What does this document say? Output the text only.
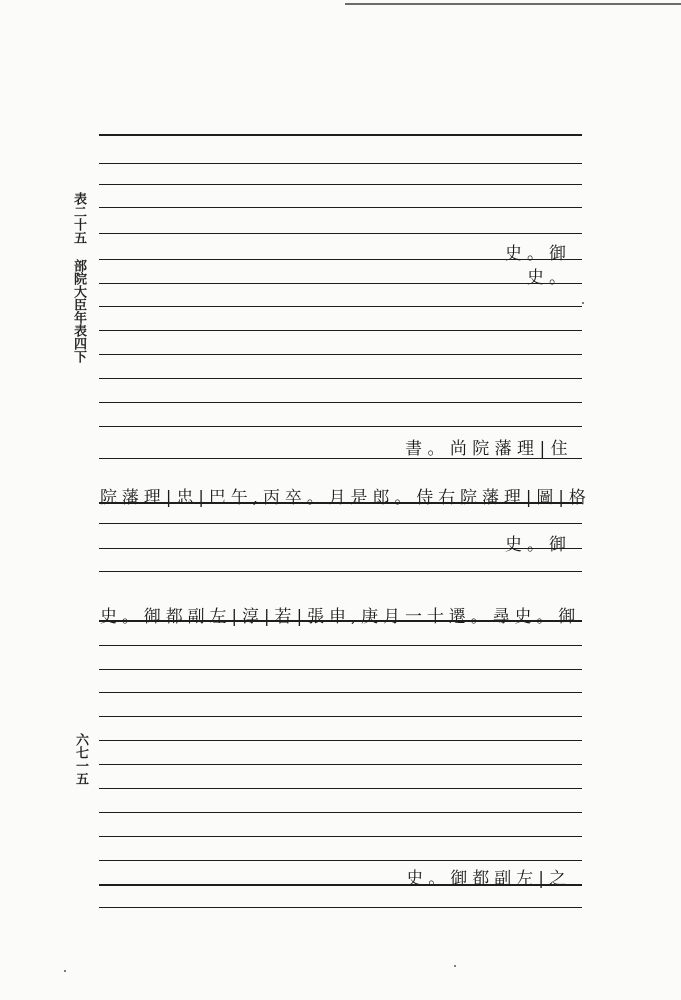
表二十五 部院大臣年表四下
六七一五
史。御
史。
書。尚院藩理|住
院藩理|忠|巴午,丙卒。月是郎。侍右院藩理|圖|格
史。御
史。御都副左|淳|若|張申,庚月一十遷。尋史。御
史。御都副左|之
